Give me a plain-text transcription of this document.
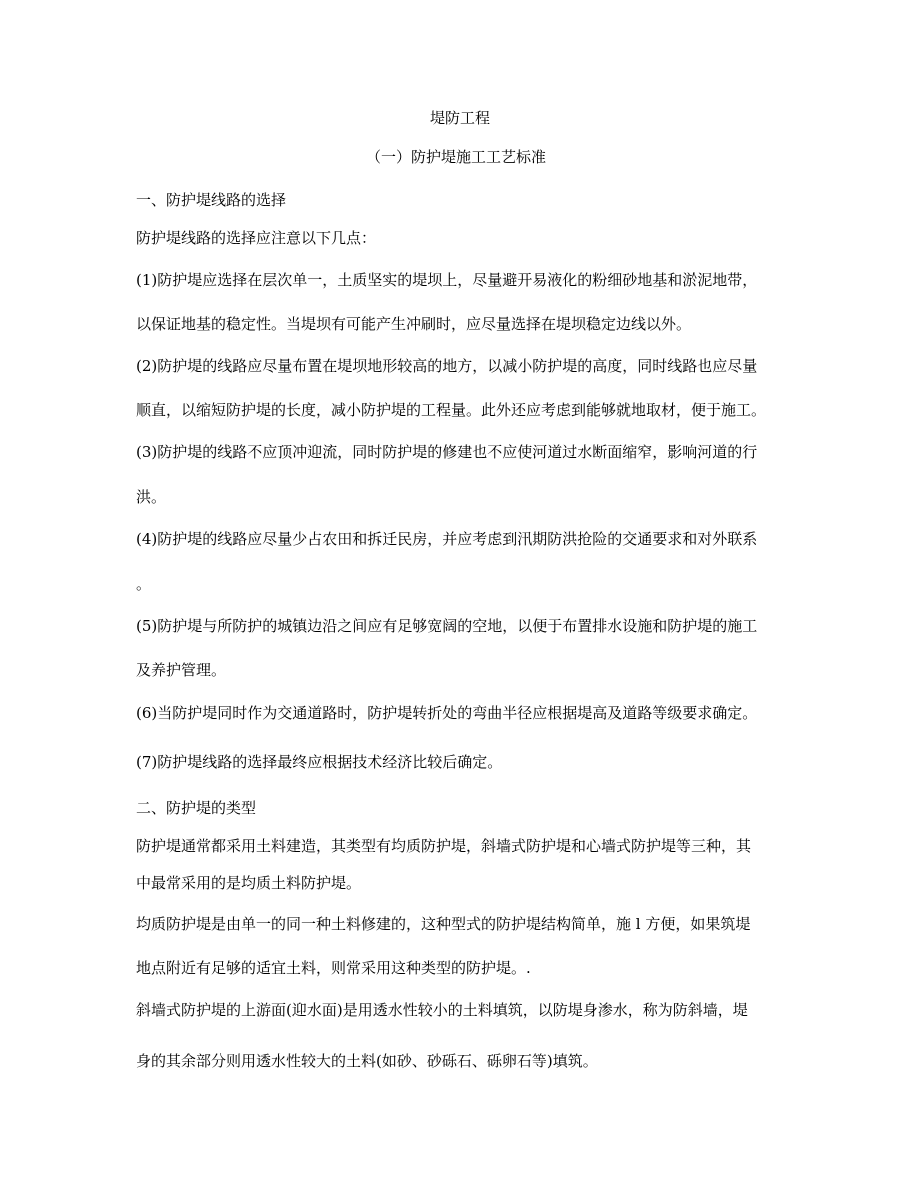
堤防工程
（一）防护堤施工工艺标准
一、防护堤线路的选择
防护堤线路的选择应注意以下几点：
(1)防护堤应选择在层次单一，土质坚实的堤坝上，尽量避开易液化的粉细砂地基和淤泥地带，
以保证地基的稳定性。当堤坝有可能产生冲刷时，应尽量选择在堤坝稳定边线以外。
(2)防护堤的线路应尽量布置在堤坝地形较高的地方，以减小防护堤的高度，同时线路也应尽量
顺直，以缩短防护堤的长度，减小防护堤的工程量。此外还应考虑到能够就地取材，便于施工。
(3)防护堤的线路不应顶冲迎流，同时防护堤的修建也不应使河道过水断面缩窄，影响河道的行
洪。
(4)防护堤的线路应尽量少占农田和拆迁民房，并应考虑到汛期防洪抢险的交通要求和对外联系
。
(5)防护堤与所防护的城镇边沿之间应有足够宽阔的空地，以便于布置排水设施和防护堤的施工
及养护管理。
(6)当防护堤同时作为交通道路时，防护堤转折处的弯曲半径应根据堤高及道路等级要求确定。
(7)防护堤线路的选择最终应根据技术经济比较后确定。
二、防护堤的类型
防护堤通常都采用土料建造，其类型有均质防护堤，斜墙式防护堤和心墙式防护堤等三种，其
中最常采用的是均质土料防护堤。
均质防护堤是由单一的同一种土料修建的，这种型式的防护堤结构简单，施 l 方便，如果筑堤
地点附近有足够的适宜土料，则常采用这种类型的防护堤。.
斜墙式防护堤的上游面(迎水面)是用透水性较小的土料填筑，以防堤身渗水，称为防斜墙，堤
身的其余部分则用透水性较大的土料(如砂、砂砾石、砾卵石等)填筑。
